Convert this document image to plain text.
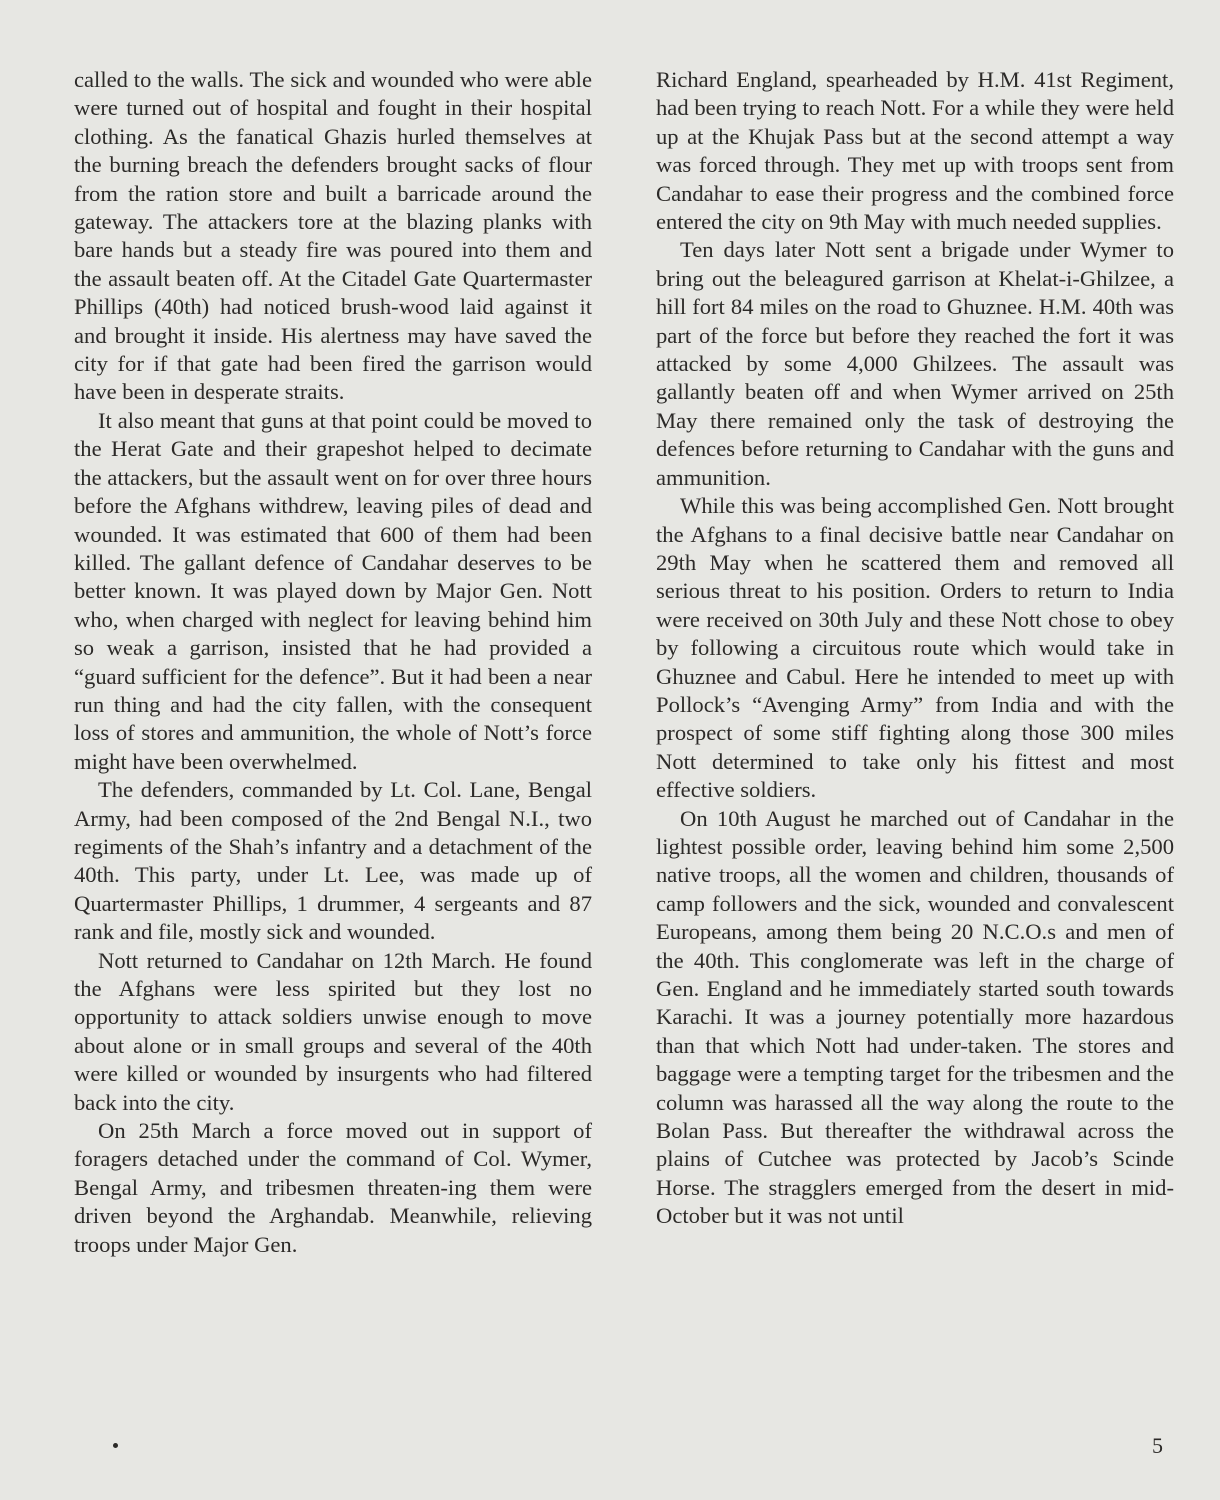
called to the walls. The sick and wounded who were able were turned out of hospital and fought in their hospital clothing. As the fanatical Ghazis hurled themselves at the burning breach the defenders brought sacks of flour from the ration store and built a barricade around the gateway. The attackers tore at the blazing planks with bare hands but a steady fire was poured into them and the assault beaten off. At the Citadel Gate Quartermaster Phillips (40th) had noticed brush-wood laid against it and brought it inside. His alertness may have saved the city for if that gate had been fired the garrison would have been in desperate straits.

It also meant that guns at that point could be moved to the Herat Gate and their grapeshot helped to decimate the attackers, but the assault went on for over three hours before the Afghans withdrew, leaving piles of dead and wounded. It was estimated that 600 of them had been killed. The gallant defence of Candahar deserves to be better known. It was played down by Major Gen. Nott who, when charged with neglect for leaving behind him so weak a garrison, insisted that he had provided a “guard sufficient for the defence”. But it had been a near run thing and had the city fallen, with the consequent loss of stores and ammunition, the whole of Nott’s force might have been overwhelmed.

The defenders, commanded by Lt. Col. Lane, Bengal Army, had been composed of the 2nd Bengal N.I., two regiments of the Shah’s infantry and a detachment of the 40th. This party, under Lt. Lee, was made up of Quartermaster Phillips, 1 drummer, 4 sergeants and 87 rank and file, mostly sick and wounded.

Nott returned to Candahar on 12th March. He found the Afghans were less spirited but they lost no opportunity to attack soldiers unwise enough to move about alone or in small groups and several of the 40th were killed or wounded by insurgents who had filtered back into the city.

On 25th March a force moved out in support of foragers detached under the command of Col. Wymer, Bengal Army, and tribesmen threaten-ing them were driven beyond the Arghandab. Meanwhile, relieving troops under Major Gen.

Richard England, spearheaded by H.M. 41st Regiment, had been trying to reach Nott. For a while they were held up at the Khujak Pass but at the second attempt a way was forced through. They met up with troops sent from Candahar to ease their progress and the combined force entered the city on 9th May with much needed supplies.

Ten days later Nott sent a brigade under Wymer to bring out the beleagured garrison at Khelat-i-Ghilzee, a hill fort 84 miles on the road to Ghuznee. H.M. 40th was part of the force but before they reached the fort it was attacked by some 4,000 Ghilzees. The assault was gallantly beaten off and when Wymer arrived on 25th May there remained only the task of destroying the defences before returning to Candahar with the guns and ammunition.

While this was being accomplished Gen. Nott brought the Afghans to a final decisive battle near Candahar on 29th May when he scattered them and removed all serious threat to his position. Orders to return to India were received on 30th July and these Nott chose to obey by following a circuitous route which would take in Ghuznee and Cabul. Here he intended to meet up with Pollock’s “Avenging Army” from India and with the prospect of some stiff fighting along those 300 miles Nott determined to take only his fittest and most effective soldiers.

On 10th August he marched out of Candahar in the lightest possible order, leaving behind him some 2,500 native troops, all the women and children, thousands of camp followers and the sick, wounded and convalescent Europeans, among them being 20 N.C.O.s and men of the 40th. This conglomerate was left in the charge of Gen. England and he immediately started south towards Karachi. It was a journey potentially more hazardous than that which Nott had under-taken. The stores and baggage were a tempting target for the tribesmen and the column was harassed all the way along the route to the Bolan Pass. But thereafter the withdrawal across the plains of Cutchee was protected by Jacob’s Scinde Horse. The stragglers emerged from the desert in mid-October but it was not until

5
